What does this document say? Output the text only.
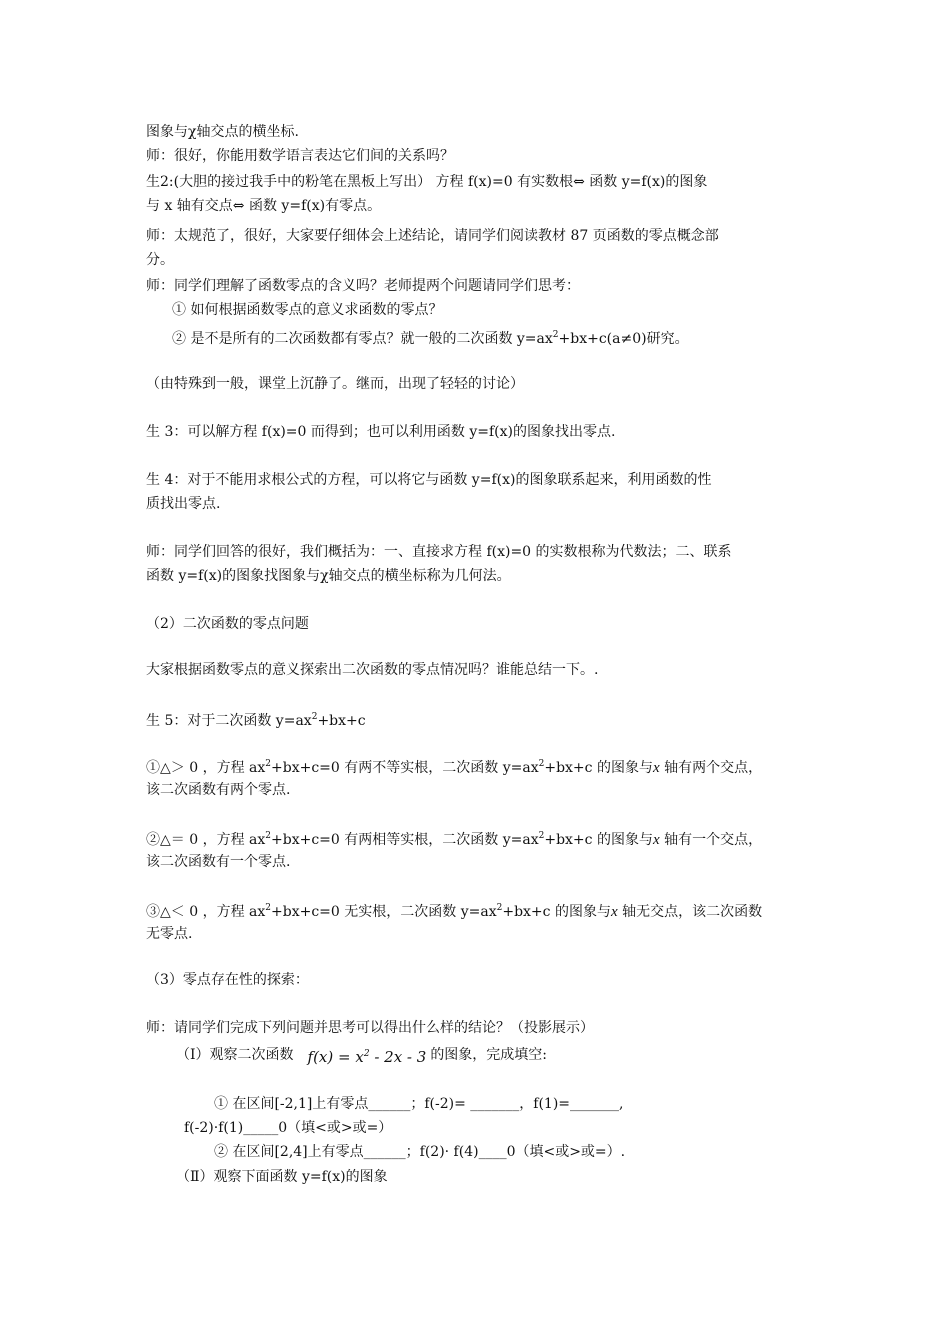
图象与χ轴交点的横坐标.
师：很好，你能用数学语言表达它们间的关系吗？
生2:(大胆的接过我手中的粉笔在黑板上写出） 方程 f(x)=0 有实数根⇔ 函数 y=f(x)的图象
与 x 轴有交点⇔ 函数 y=f(x)有零点。
师：太规范了，很好，大家要仔细体会上述结论，请同学们阅读教材 87 页函数的零点概念部
分。
师：同学们理解了函数零点的含义吗？老师提两个问题请同学们思考：
① 如何根据函数零点的意义求函数的零点？
② 是不是所有的二次函数都有零点？就一般的二次函数 $y=ax^2+bx+c(a\ne 0)$研究。
（由特殊到一般，课堂上沉静了。继而，出现了轻轻的讨论）
生 3：可以解方程 f(x)=0 而得到；也可以利用函数 y=f(x)的图象找出零点.
生 4：对于不能用求根公式的方程，可以将它与函数 y=f(x)的图象联系起来，利用函数的性
质找出零点.
师：同学们回答的很好，我们概括为：一、直接求方程 f(x)=0 的实数根称为代数法；二、联系
函数 y=f(x)的图象找图象与χ轴交点的横坐标称为几何法。
（2）二次函数的零点问题
大家根据函数零点的意义探索出二次函数的零点情况吗？谁能总结一下。.
生 5：对于二次函数 $y=ax^2+bx+c$
①△＞ 0 ，方程 $ax^2+bx+c=0$ 有两不等实根，二次函数 $y=ax^2+bx+c$ 的图象与x 轴有两个交点，
该二次函数有两个零点.
②△＝ 0 ，方程 $ax^2+bx+c=0$ 有两相等实根，二次函数 $y=ax^2+bx+c$ 的图象与x 轴有一个交点，
该二次函数有一个零点.
③△＜ 0 ，方程 $ax^2+bx+c=0$ 无实根，二次函数 $y=ax^2+bx+c$ 的图象与x 轴无交点，该二次函数
无零点.
（3）零点存在性的探索：
师：请同学们完成下列问题并思考可以得出什么样的结论？（投影展示）
（Ⅰ）观察二次函数 $f(x) = x^2 - 2x - 3$ 的图象，完成填空:
① 在区间[-2,1]上有零点______；f(-2)= _______，f(1)=_______,
f(-2)·f(1)_____0（填<或>或=）
② 在区间[2,4]上有零点______；f(2)· f(4)____0（填<或>或=）.
（Ⅱ）观察下面函数 y=f(x)的图象
